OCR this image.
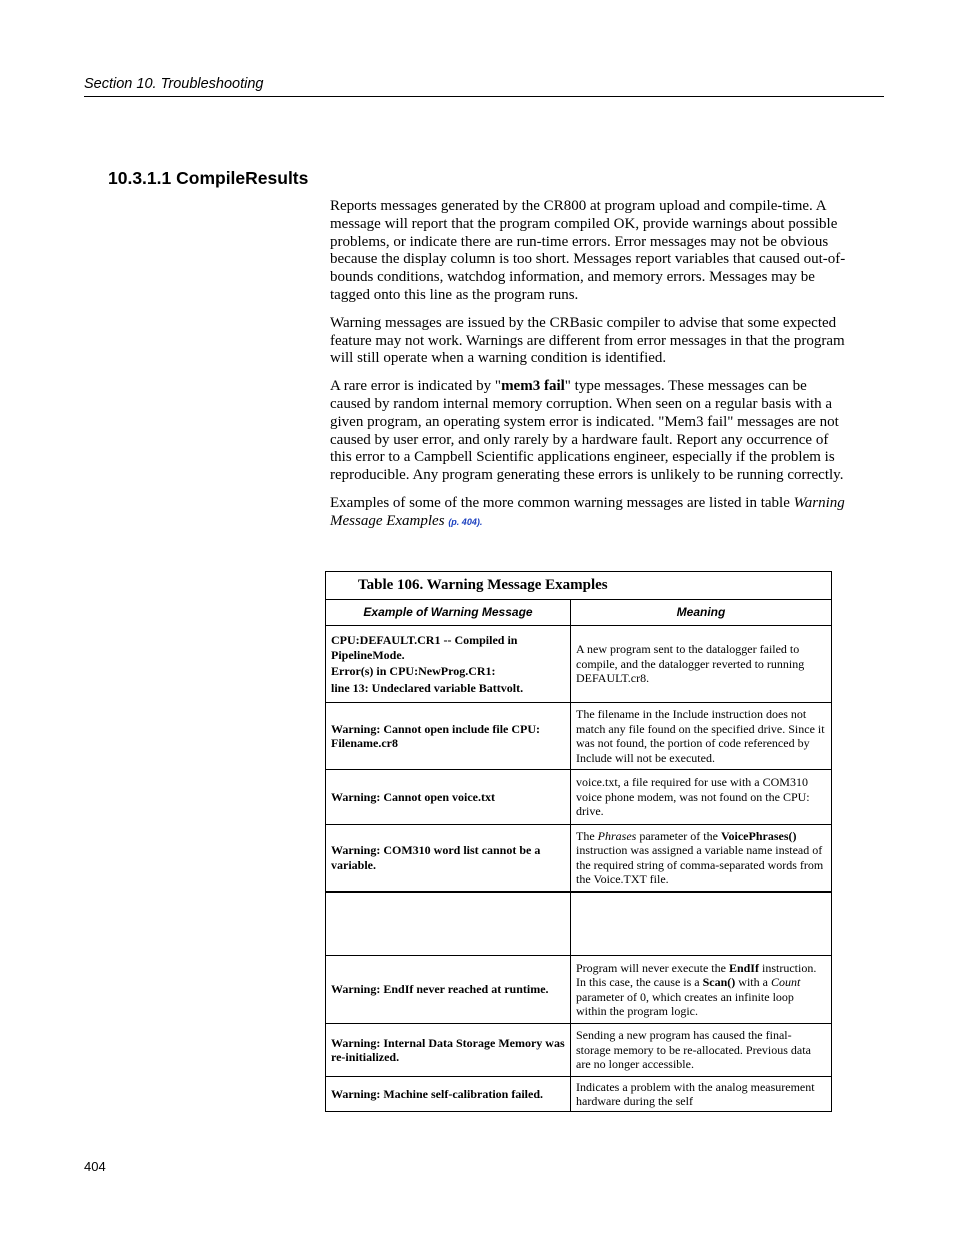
Section 10. Troubleshooting
10.3.1.1 CompileResults

Reports messages generated by the CR800 at program upload and compile-time. A message will report that the program compiled OK, provide warnings about possible problems, or indicate there are run-time errors. Error messages may not be obvious because the display column is too short. Messages report variables that caused out-of-bounds conditions, watchdog information, and memory errors. Messages may be tagged onto this line as the program runs.

Warning messages are issued by the CRBasic compiler to advise that some expected feature may not work. Warnings are different from error messages in that the program will still operate when a warning condition is identified.

A rare error is indicated by "mem3 fail" type messages. These messages can be caused by random internal memory corruption. When seen on a regular basis with a given program, an operating system error is indicated. "Mem3 fail" messages are not caused by user error, and only rarely by a hardware fault. Report any occurrence of this error to a Campbell Scientific applications engineer, especially if the problem is reproducible. Any program generating these errors is unlikely to be running correctly.

Examples of some of the more common warning messages are listed in table Warning Message Examples (p. 404).

Table 106. Warning Message Examples	
Example of Warning Message	Meaning

CPU:DEFAULT.CR1 -- Compiled in PipelineMode.
Error(s) in CPU:NewProg.CR1:
line 13: Undeclared variable Battvolt.	A new program sent to the datalogger failed to compile, and the datalogger reverted to running DEFAULT.cr8.
Warning: Cannot open include file CPU: Filename.cr8	The filename in the Include instruction does not match any file found on the specified drive. Since it was not found, the portion of code referenced by Include will not be executed.
Warning: Cannot open voice.txt	voice.txt, a file required for use with a COM310 voice phone modem, was not found on the CPU: drive.
Warning: COM310 word list cannot be a variable.	The Phrases parameter of the VoicePhrases() instruction was assigned a variable name instead of the required string of comma-separated words from the Voice.TXT file.

Warning: EndIf never reached at runtime.	Program will never execute the EndIf instruction. In this case, the cause is a Scan() with a Count parameter of 0, which creates an infinite loop within the program logic.
Warning: Internal Data Storage Memory was re-initialized.	Sending a new program has caused the final-storage memory to be re-allocated. Previous data are no longer accessible.
Warning: Machine self-calibration failed.	Indicates a problem with the analog measurement hardware during the self
404
